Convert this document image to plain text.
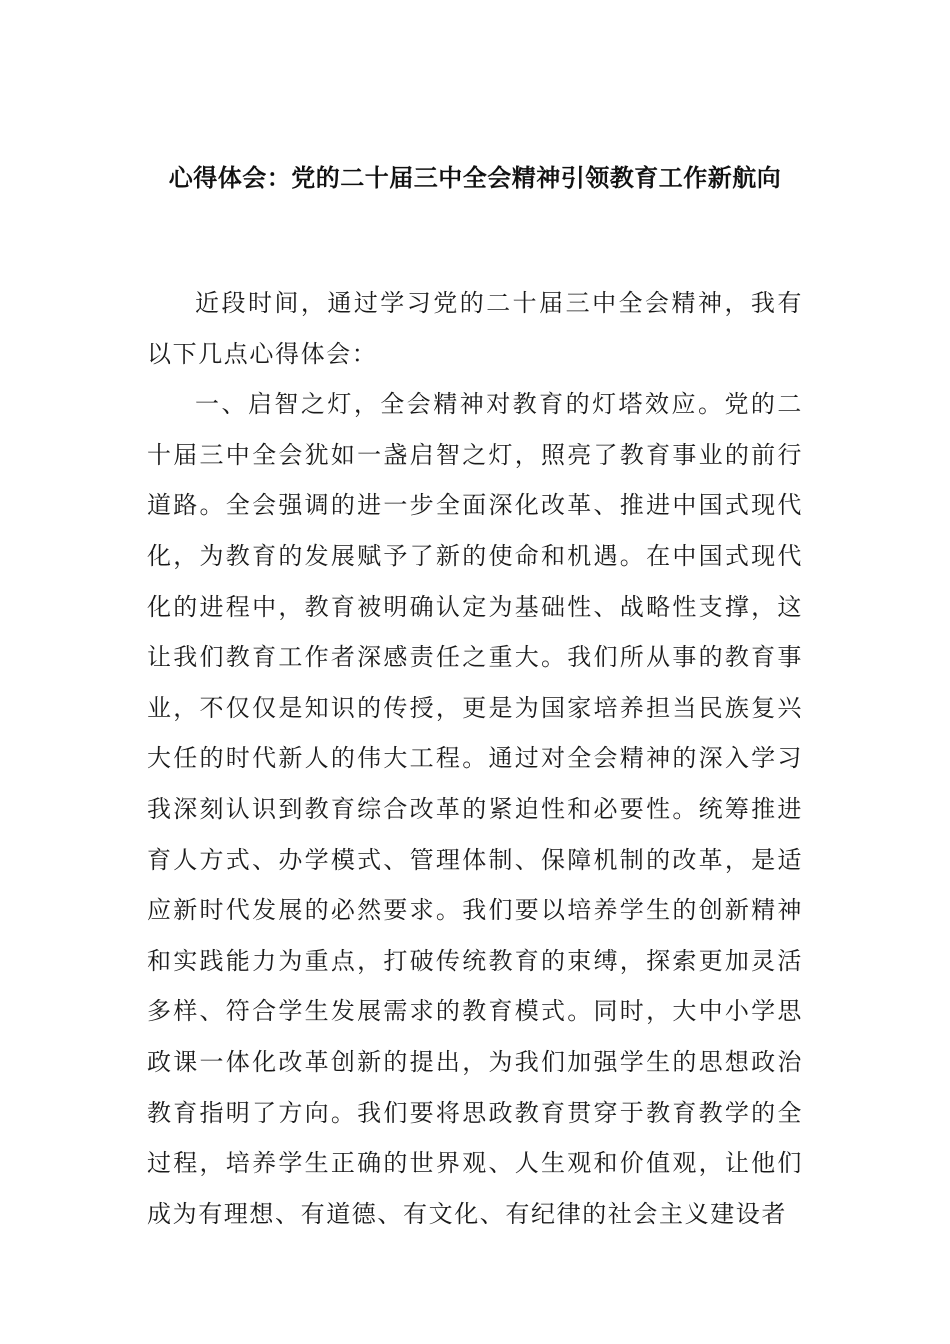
心得体会：党的二十届三中全会精神引领教育工作新航向

近段时间，通过学习党的二十届三中全会精神，我有以下几点心得体会：

一、启智之灯，全会精神对教育的灯塔效应。党的二十届三中全会犹如一盏启智之灯，照亮了教育事业的前行道路。全会强调的进一步全面深化改革、推进中国式现代化，为教育的发展赋予了新的使命和机遇。在中国式现代化的进程中，教育被明确认定为基础性、战略性支撑，这让我们教育工作者深感责任之重大。我们所从事的教育事业，不仅仅是知识的传授，更是为国家培养担当民族复兴大任的时代新人的伟大工程。通过对全会精神的深入学习我深刻认识到教育综合改革的紧迫性和必要性。统筹推进育人方式、办学模式、管理体制、保障机制的改革，是适应新时代发展的必然要求。我们要以培养学生的创新精神和实践能力为重点，打破传统教育的束缚，探索更加灵活多样、符合学生发展需求的教育模式。同时，大中小学思政课一体化改革创新的提出，为我们加强学生的思想政治教育指明了方向。我们要将思政教育贯穿于教育教学的全过程，培养学生正确的世界观、人生观和价值观，让他们成为有理想、有道德、有文化、有纪律的社会主义建设者
